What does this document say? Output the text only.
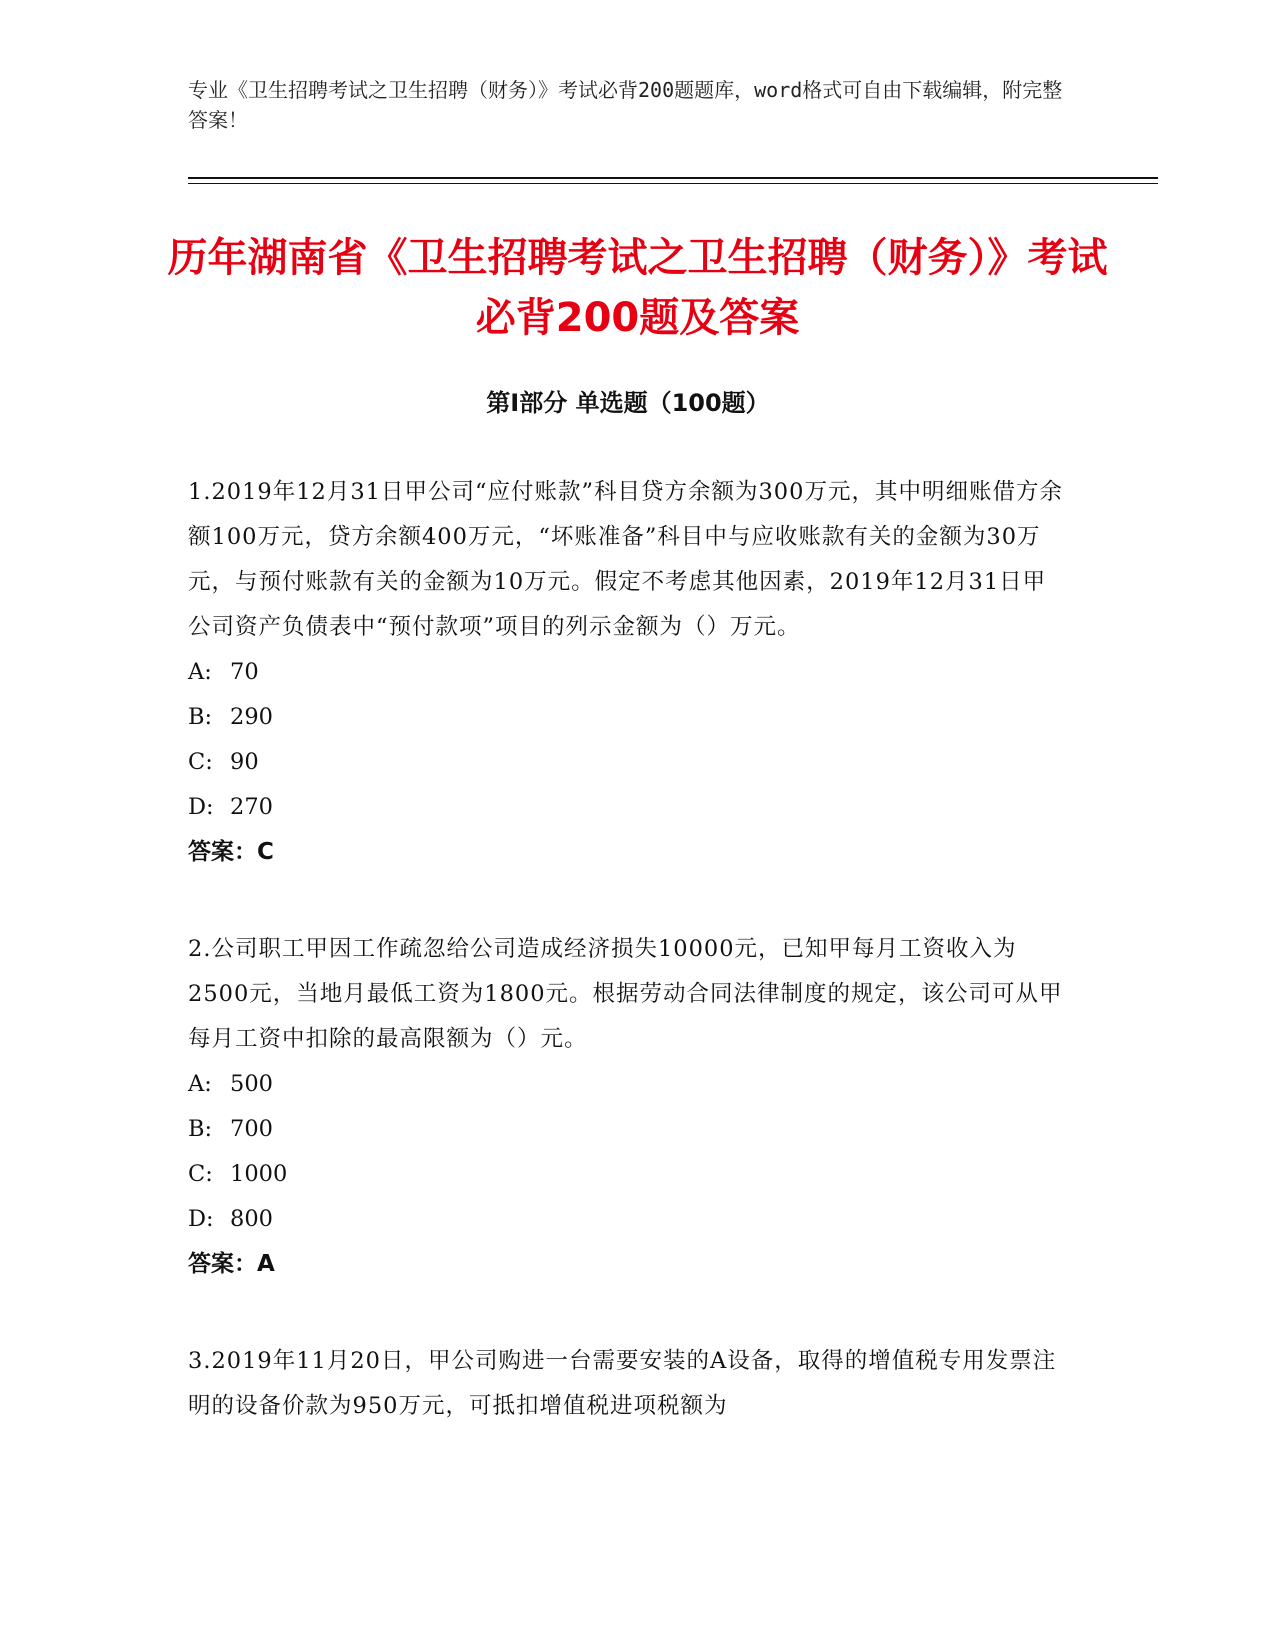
专业《卫生招聘考试之卫生招聘（财务）》考试必背200题题库，word格式可自由下载编辑，附完整答案！
历年湖南省《卫生招聘考试之卫生招聘（财务）》考试必背200题及答案
第I部分 单选题（100题）

1.2019年12月31日甲公司“应付账款”科目贷方余额为300万元，其中明细账借方余额100万元，贷方余额400万元，“坏账准备”科目中与应收账款有关的金额为30万元，与预付账款有关的金额为10万元。假定不考虑其他因素，2019年12月31日甲公司资产负债表中“预付款项”项目的列示金额为（）万元。

A: 70

B: 290

C: 90

D: 270

答案：C

2.公司职工甲因工作疏忽给公司造成经济损失10000元，已知甲每月工资收入为2500元，当地月最低工资为1800元。根据劳动合同法律制度的规定，该公司可从甲每月工资中扣除的最高限额为（）元。

A: 500

B: 700

C: 1000

D: 800

答案：A

3.2019年11月20日，甲公司购进一台需要安装的A设备，取得的增值税专用发票注明的设备价款为950万元，可抵扣增值税进项税额为
